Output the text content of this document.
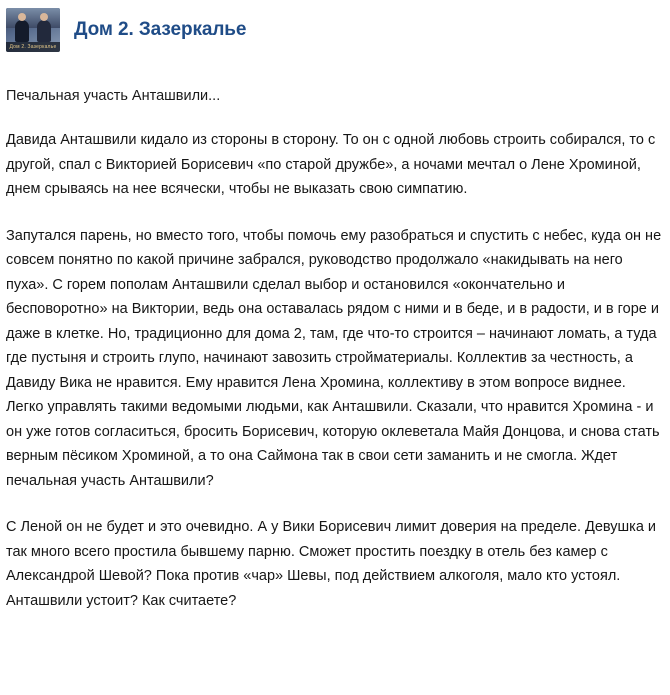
Дом 2. Зазеркалье
Дом 2. Зазеркалье
Печальная участь Анташвили...

Давида Анташвили кидало из стороны в сторону. То он с одной любовь строить собирался, то с другой, спал с Викторией Борисевич «по старой дружбе», а ночами мечтал о Лене Хроминой, днем срываясь на нее всячески, чтобы не выказать свою симпатию.

Запутался парень, но вместо того, чтобы помочь ему разобраться и спустить с небес, куда он не совсем понятно по какой причине забрался, руководство продолжало «накидывать на него пуха». С горем пополам Анташвили сделал выбор и остановился «окончательно и бесповоротно» на Виктории, ведь она оставалась рядом с ними и в беде, и в радости, и в горе и даже в клетке. Но, традиционно для дома 2, там, где что-то строится – начинают ломать, а туда где пустыня и строить глупо, начинают завозить стройматериалы. Коллектив за честность, а Давиду Вика не нравится. Ему нравится Лена Хромина, коллективу в этом вопросе виднее. Легко управлять такими ведомыми людьми, как Анташвили. Сказали, что нравится Хромина - и он уже готов согласиться, бросить Борисевич, которую оклеветала Майя Донцова, и снова стать верным пёсиком Хроминой, а то она Саймона так в свои сети заманить и не смогла. Ждет печальная участь Анташвили?

С Леной он не будет и это очевидно. А у Вики Борисевич лимит доверия на пределе. Девушка и так много всего простила бывшему парню. Сможет простить поездку в отель без камер с Александрой Шевой? Пока против «чар» Шевы, под действием алкоголя, мало кто устоял. Анташвили устоит? Как считаете?
